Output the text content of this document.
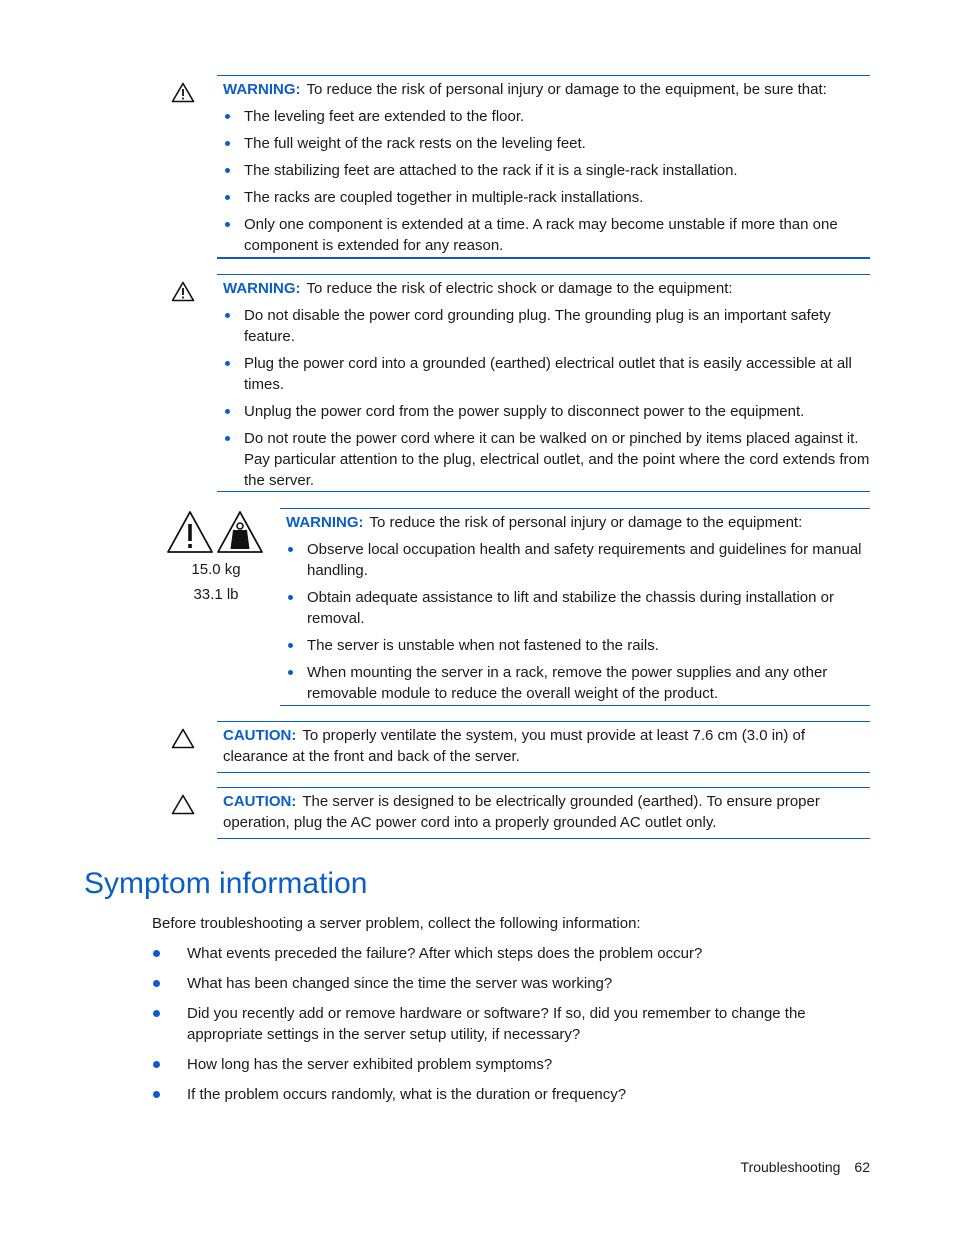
WARNING: To reduce the risk of personal injury or damage to the equipment, be sure that:

The leveling feet are extended to the floor.
The full weight of the rack rests on the leveling feet.
The stabilizing feet are attached to the rack if it is a single-rack installation.
The racks are coupled together in multiple-rack installations.
Only one component is extended at a time. A rack may become unstable if more than one component is extended for any reason.

WARNING: To reduce the risk of electric shock or damage to the equipment:

Do not disable the power cord grounding plug. The grounding plug is an important safety feature.
Plug the power cord into a grounded (earthed) electrical outlet that is easily accessible at all times.
Unplug the power cord from the power supply to disconnect power to the equipment.
Do not route the power cord where it can be walked on or pinched by items placed against it. Pay particular attention to the plug, electrical outlet, and the point where the cord extends from the server.
15.0 kg
33.1 lb

WARNING: To reduce the risk of personal injury or damage to the equipment:

Observe local occupation health and safety requirements and guidelines for manual handling.
Obtain adequate assistance to lift and stabilize the chassis during installation or removal.
The server is unstable when not fastened to the rails.
When mounting the server in a rack, remove the power supplies and any other removable module to reduce the overall weight of the product.

CAUTION: To properly ventilate the system, you must provide at least 7.6 cm (3.0 in) of clearance at the front and back of the server.

CAUTION: The server is designed to be electrically grounded (earthed). To ensure proper operation, plug the AC power cord into a properly grounded AC outlet only.

Symptom information

Before troubleshooting a server problem, collect the following information:

What events preceded the failure? After which steps does the problem occur?
What has been changed since the time the server was working?
Did you recently add or remove hardware or software? If so, did you remember to change the appropriate settings in the server setup utility, if necessary?
How long has the server exhibited problem symptoms?
If the problem occurs randomly, what is the duration or frequency?
Troubleshooting 62
